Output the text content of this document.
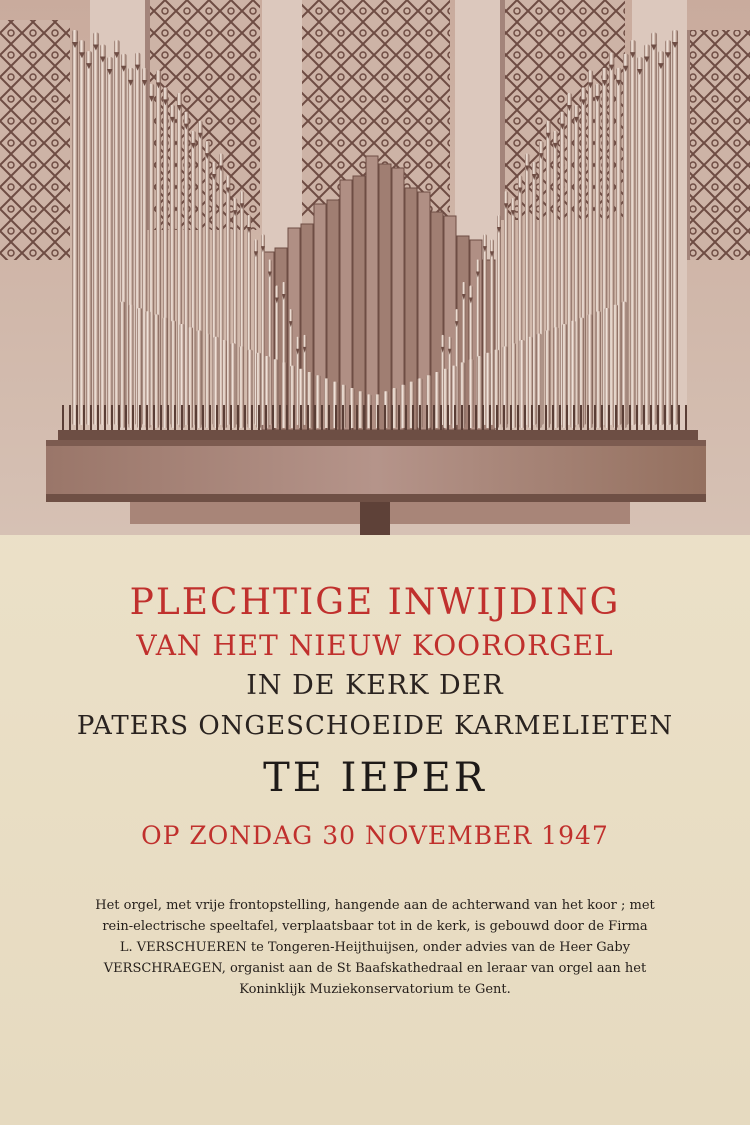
PLECHTIGE INWIJDING
VAN HET NIEUW KOORORGEL
IN DE KERK DER
PATERS ONGESCHOEIDE KARMELIETEN
TE IEPER
OP ZONDAG 30 NOVEMBER 1947
Het orgel, met vrije frontopstelling, hangende aan de achterwand van het koor ; met
rein-electrische speeltafel, verplaatsbaar tot in de kerk, is gebouwd door de Firma
L. VERSCHUEREN te Tongeren-Heijthuijsen, onder advies van de Heer Gaby
VERSCHRAEGEN, organist aan de St Baafskathedraal en leraar van orgel aan het
Koninklijk Muziekonservatorium te Gent.
